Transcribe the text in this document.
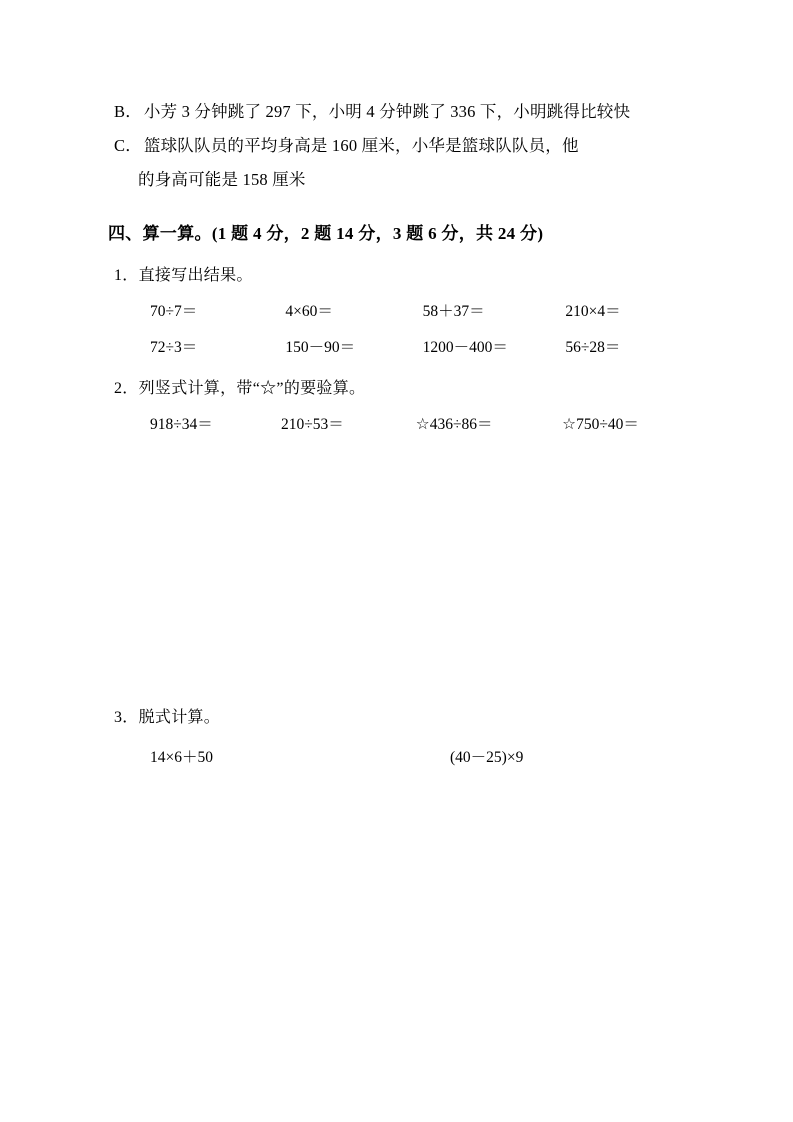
B． 小芳 3 分钟跳了 297 下，小明 4 分钟跳了 336 下，小明跳得比较快

C． 篮球队队员的平均身高是 160 厘米，小华是篮球队队员，他

的身高可能是 158 厘米

四、算一算。(1 题 4 分，2 题 14 分，3 题 6 分，共 24 分)
1．直接写出结果。
70÷7＝	4×60＝	58＋37＝	210×4＝
72÷3＝	150－90＝	1200－400＝	56÷28＝
2．列竖式计算，带“☆”的要验算。
918÷34＝	210÷53＝	☆436÷86＝	☆750÷40＝
3．脱式计算。
14×6＋50	(40－25)×9
